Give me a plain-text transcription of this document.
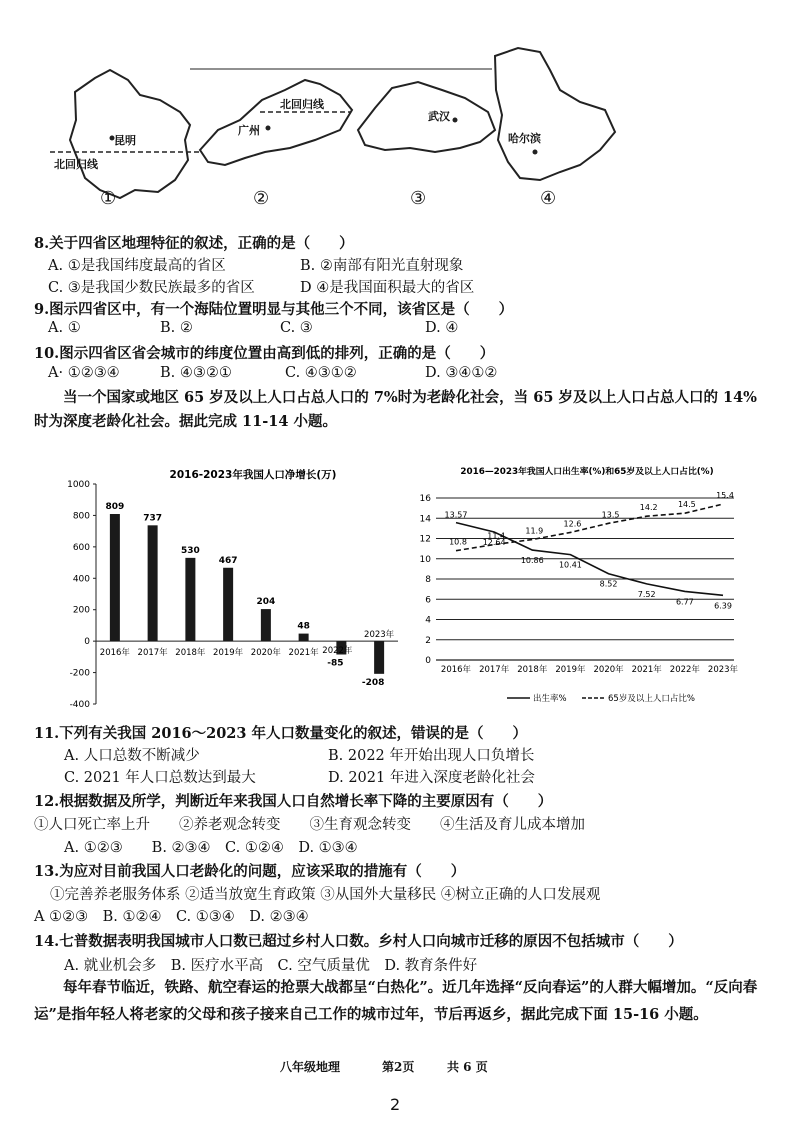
昆明
北回归线
广州
北回归线
武汉
哈尔滨
①	②	③	④
8.关于四省区地理特征的叙述，正确的是（　　）
A. ①是我国纬度最高的省区	B. ②南部有阳光直射现象
C. ③是我国少数民族最多的省区	D ④是我国面积最大的省区
9.图示四省区中，有一个海陆位置明显与其他三个不同，该省区是（　　）
A. ①	B. ②	C. ③	D. ④
10.图示四省区省会城市的纬度位置由高到低的排列，正确的是（　　）
A· ①②③④	B. ④③②①	C. ④③①②	D. ③④①②
当一个国家或地区 65 岁及以上人口占总人口的 7%时为老龄化社会，当 65 岁及以上人口占总人口的 14%时为深度老龄化社会。据此完成 11-14 小题。
2016-2023年我国人口净增长(万)
1000
800
600
400
200
0
-200
-400
809
2016年
737
2017年
530
2018年
467
2019年
204
2020年
48
2021年
-85
2022年
-208
2023年
2016—2023年我国人口出生率(%)和65岁及以上人口占比(%)
0
2
4
6
8
10
12
14
16
2016年 2017年 2018年 2019年 2020年 2021年 2022年 2023年
13.57
12.64
10.86
10.41
8.52
7.52
6.77	6.39
10.8
11.4
11.9
12.6
13.5
14.2	14.5
15.4
出生率%	65岁及以上人口占比%
11.下列有关我国 2016～2023 年人口数量变化的叙述，错误的是（　　）
A. 人口总数不断减少	B. 2022 年开始出现人口负增长
C. 2021 年人口总数达到最大	D. 2021 年进入深度老龄化社会
12.根据数据及所学，判断近年来我国人口自然增长率下降的主要原因有（　　）
①人口死亡率上升　　②养老观念转变　　③生育观念转变　　④生活及育儿成本增加
A. ①②③　　B. ②③④　C. ①②④　D. ①③④
13.为应对目前我国人口老龄化的问题，应该采取的措施有（　　）
①完善养老服务体系 ②适当放宽生育政策 ③从国外大量移民 ④树立正确的人口发展观
A ①②③　B. ①②④　C. ①③④　D. ②③④
14.七普数据表明我国城市人口数已超过乡村人口数。乡村人口向城市迁移的原因不包括城市（　　）
A. 就业机会多　B. 医疗水平高　C. 空气质量优　D. 教育条件好
每年春节临近，铁路、航空春运的抢票大战都呈“白热化”。近几年选择“反向春运”的人群大幅增加。“反向春运”是指年轻人将老家的父母和孩子接来自己工作的城市过年，节后再返乡，据此完成下面 15-16 小题。
八年级地理	第2页	共 6 页
2
